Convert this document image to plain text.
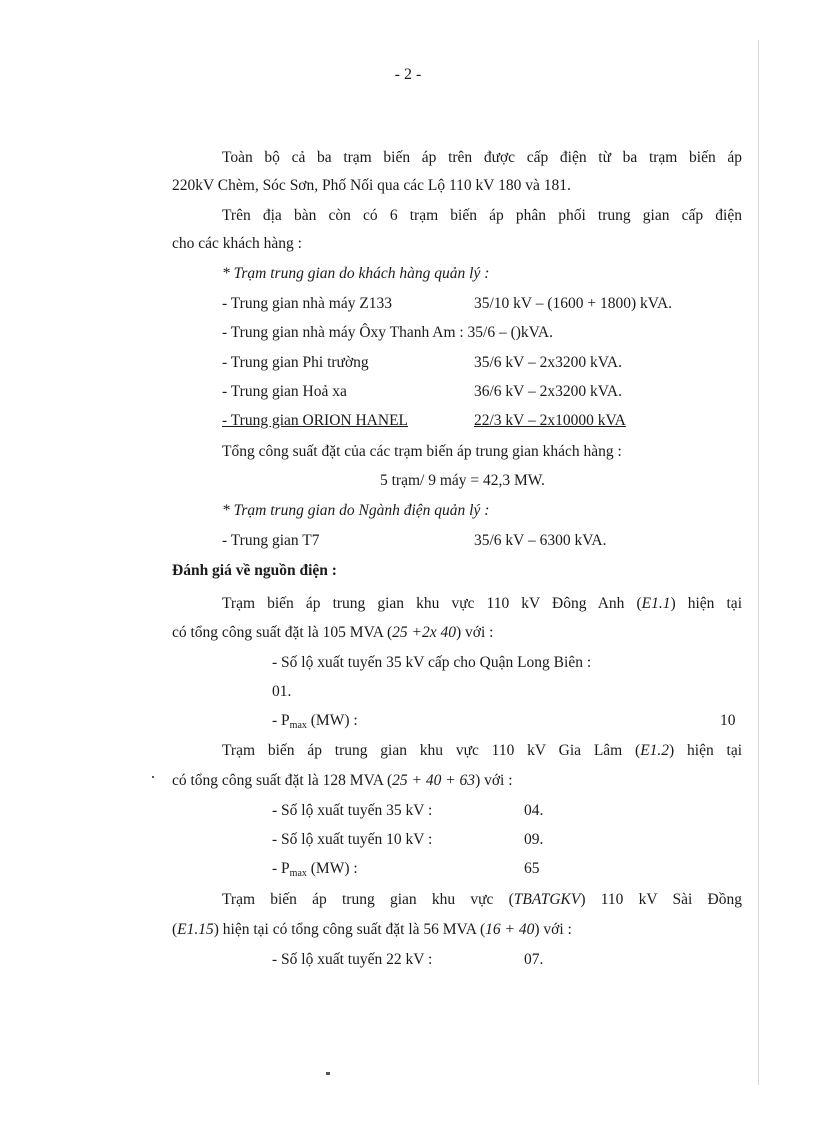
- 2 -
Toàn bộ cả ba trạm biến áp trên được cấp điện từ ba trạm biến áp
220kV Chèm, Sóc Sơn, Phố Nối qua các Lộ 110 kV 180 và 181.
Trên địa bàn còn có 6 trạm biến áp phân phối trung gian cấp điện
cho các khách hàng :
* Trạm trung gian do khách hàng quản lý :
- Trung gian nhà máy Z133	35/10 kV – (1600 + 1800) kVA.
- Trung gian nhà máy Ôxy Thanh Am : 35/6 – ()kVA.
- Trung gian Phi trường	35/6 kV – 2x3200 kVA.
- Trung gian Hoả xa	36/6 kV – 2x3200 kVA.
- Trung gian ORION HANEL	22/3 kV – 2x10000 kVA
Tổng công suất đặt của các trạm biến áp trung gian khách hàng :
5 trạm/ 9 máy = 42,3 MW.
* Trạm trung gian do Ngành điện quản lý :
- Trung gian T7	35/6 kV – 6300 kVA.
Đánh giá về nguồn điện :
Trạm biến áp trung gian khu vực 110 kV Đông Anh (E1.1) hiện tại
có tổng công suất đặt là 105 MVA (25 +2x 40) với :
- Số lộ xuất tuyến 35 kV cấp cho Quận Long Biên :
01.
- $P_{max}$ (MW) :	10
Trạm biến áp trung gian khu vực 110 kV Gia Lâm (E1.2) hiện tại
có tổng công suất đặt là 128 MVA (25 + 40 + 63) với :
- Số lộ xuất tuyến 35 kV :	04.
- Số lộ xuất tuyến 10 kV :	09.
- $P_{max}$ (MW) :	65
Trạm biến áp trung gian khu vực (TBATGKV) 110 kV Sài Đồng
(E1.15) hiện tại có tổng công suất đặt là 56 MVA (16 + 40) với :
- Số lộ xuất tuyến 22 kV :	07.
